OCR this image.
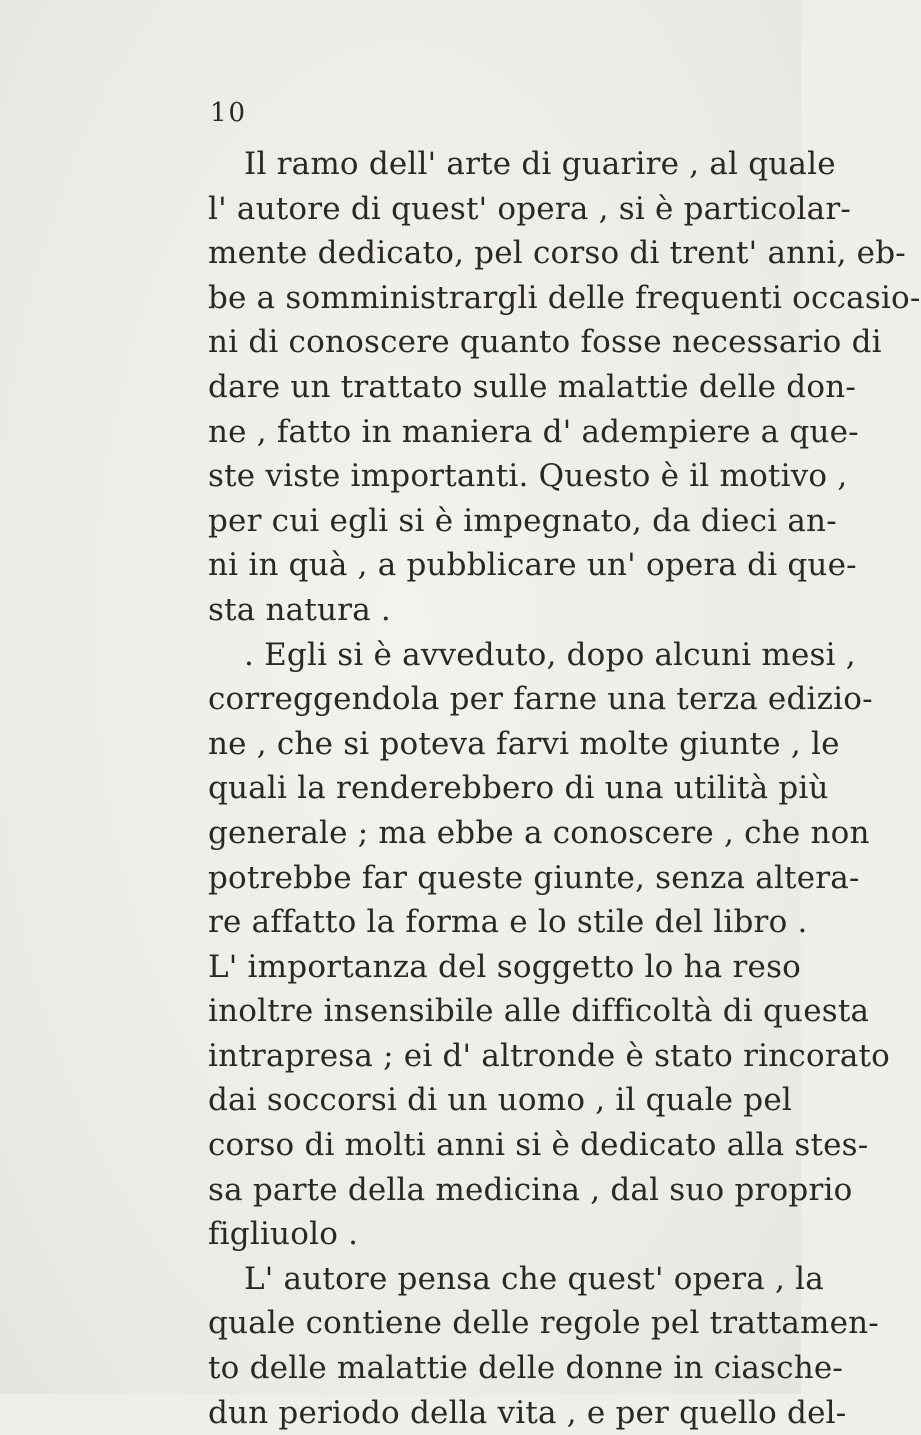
10
Il ramo dell' arte di guarire , al quale
l' autore di quest' opera , si è particolar-
mente dedicato, pel corso di trent' anni, eb-
be a somministrargli delle frequenti occasio-
ni di conoscere quanto fosse necessario di
dare un trattato sulle malattie delle don-
ne , fatto in maniera d' adempiere a que-
ste viste importanti. Questo è il motivo ,
per cui egli si è impegnato, da dieci an-
ni in quà , a pubblicare un' opera di que-
sta natura .
. Egli si è avveduto, dopo alcuni mesi ,
correggendola per farne una terza edizio-
ne , che si poteva farvi molte giunte , le
quali la renderebbero di una utilità più
generale ; ma ebbe a conoscere , che non
potrebbe far queste giunte, senza altera-
re affatto la forma e lo stile del libro .
L' importanza del soggetto lo ha reso
inoltre insensibile alle difficoltà di questa
intrapresa ; ei d' altronde è stato rincorato
dai soccorsi di un uomo , il quale pel
corso di molti anni si è dedicato alla stes-
sa parte della medicina , dal suo proprio
figliuolo .
L' autore pensa che quest' opera , la
quale contiene delle regole pel trattamen-
to delle malattie delle donne in ciasche-
dun periodo della vita , e per quello del-
